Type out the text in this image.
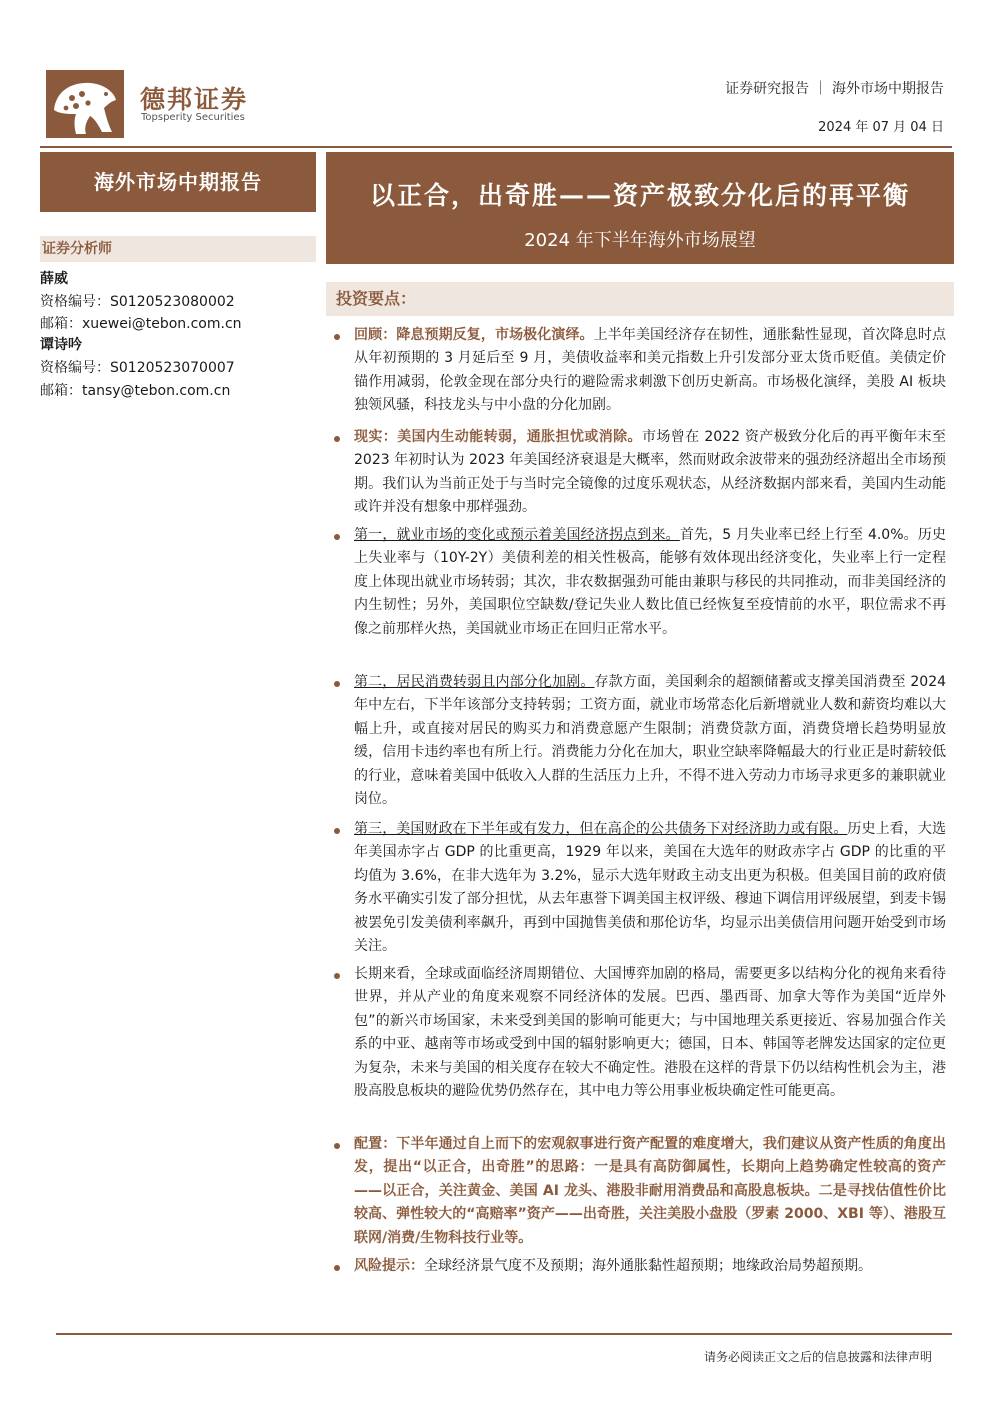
德邦证券
Topsperity Securities
证券研究报告 ｜ 海外市场中期报告
2024 年 07 月 04 日
海外市场中期报告	以正合，出奇胜——资产极致分化后的再平衡
2024 年下半年海外市场展望
证券分析师
薛威
资格编号：S0120523080002
邮箱：xuewei@tebon.com.cn
谭诗吟
资格编号：S0120523070007
邮箱：tansy@tebon.com.cn
投资要点：

回顾：降息预期反复，市场极化演绎。上半年美国经济存在韧性，通胀黏性显现，首次降息时点从年初预期的 3 月延后至 9 月，美债收益率和美元指数上升引发部分亚太货币贬值。美债定价锚作用减弱，伦敦金现在部分央行的避险需求刺激下创历史新高。市场极化演绎，美股 AI 板块独领风骚，科技龙头与中小盘的分化加剧。

现实：美国内生动能转弱，通胀担忧或消除。市场曾在 2022 资产极致分化后的再平衡年末至 2023 年初时认为 2023 年美国经济衰退是大概率，然而财政余波带来的强劲经济超出全市场预期。我们认为当前正处于与当时完全镜像的过度乐观状态，从经济数据内部来看，美国内生动能或许并没有想象中那样强劲。

第一，就业市场的变化或预示着美国经济拐点到来。首先，5 月失业率已经上行至 4.0%。历史上失业率与（10Y-2Y）美债利差的相关性极高，能够有效体现出经济变化，失业率上行一定程度上体现出就业市场转弱；其次，非农数据强劲可能由兼职与移民的共同推动，而非美国经济的内生韧性；另外，美国职位空缺数/登记失业人数比值已经恢复至疫情前的水平，职位需求不再像之前那样火热，美国就业市场正在回归正常水平。

第二，居民消费转弱且内部分化加剧。存款方面，美国剩余的超额储蓄或支撑美国消费至 2024 年中左右，下半年该部分支持转弱；工资方面，就业市场常态化后新增就业人数和薪资均难以大幅上升，或直接对居民的购买力和消费意愿产生限制；消费贷款方面，消费贷增长趋势明显放缓，信用卡违约率也有所上行。消费能力分化在加大，职业空缺率降幅最大的行业正是时薪较低的行业，意味着美国中低收入人群的生活压力上升，不得不进入劳动力市场寻求更多的兼职就业岗位。

第三，美国财政在下半年或有发力，但在高企的公共债务下对经济助力或有限。历史上看，大选年美国赤字占 GDP 的比重更高，1929 年以来，美国在大选年的财政赤字占 GDP 的比重的平均值为 3.6%，在非大选年为 3.2%，显示大选年财政主动支出更为积极。但美国目前的政府债务水平确实引发了部分担忧，从去年惠誉下调美国主权评级、穆迪下调信用评级展望，到麦卡锡被罢免引发美债利率飙升，再到中国抛售美债和那伦访华，均显示出美债信用问题开始受到市场关注。

长期来看，全球或面临经济周期错位、大国博弈加剧的格局，需要更多以结构分化的视角来看待世界，并从产业的角度来观察不同经济体的发展。巴西、墨西哥、加拿大等作为美国“近岸外包”的新兴市场国家，未来受到美国的影响可能更大；与中国地理关系更接近、容易加强合作关系的中亚、越南等市场或受到中国的辐射影响更大；德国，日本、韩国等老牌发达国家的定位更为复杂，未来与美国的相关度存在较大不确定性。港股在这样的背景下仍以结构性机会为主，港股高股息板块的避险优势仍然存在，其中电力等公用事业板块确定性可能更高。

配置：下半年通过自上而下的宏观叙事进行资产配置的难度增大，我们建议从资产性质的角度出发，提出“以正合，出奇胜”的思路：一是具有高防御属性，长期向上趋势确定性较高的资产——以正合，关注黄金、美国 AI 龙头、港股非耐用消费品和高股息板块。二是寻找估值性价比较高、弹性较大的“高赔率”资产——出奇胜，关注美股小盘股（罗素 2000、XBI 等）、港股互联网/消费/生物科技行业等。

风险提示：全球经济景气度不及预期；海外通胀黏性超预期；地缘政治局势超预期。

请务必阅读正文之后的信息披露和法律声明
